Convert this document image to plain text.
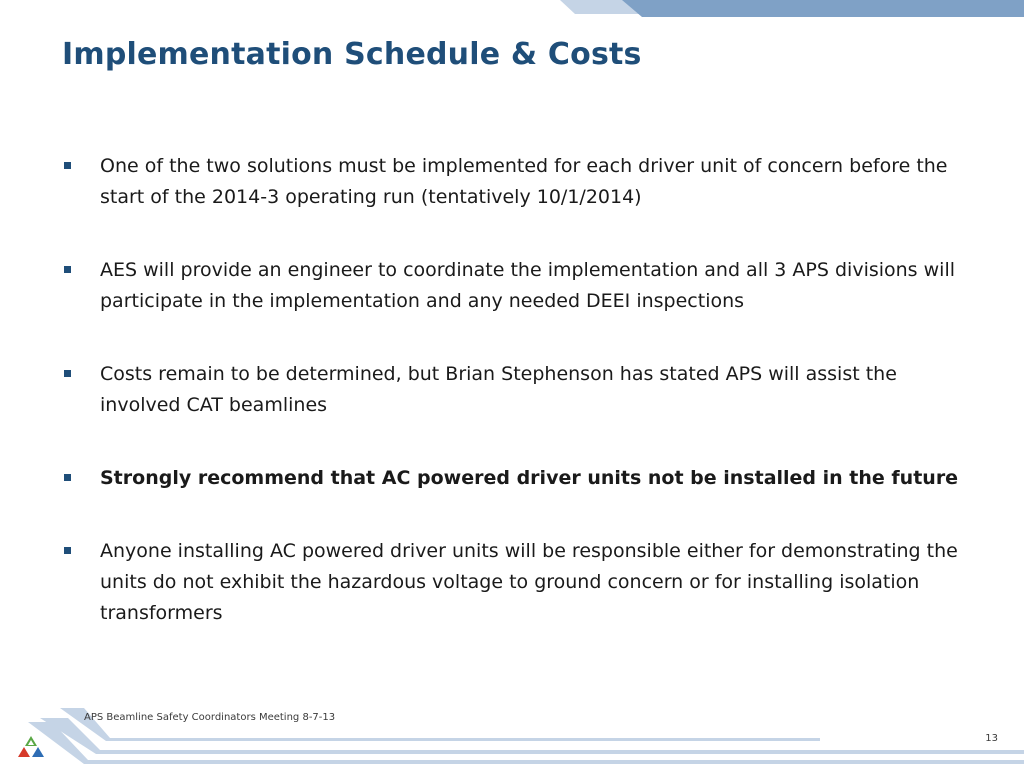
Implementation Schedule & Costs
One of the two solutions must be implemented for each driver unit of concern before the start of the 2014-3 operating run (tentatively 10/1/2014)
AES will provide an engineer to coordinate the implementation and all 3 APS divisions will participate in the implementation and any needed DEEI inspections
Costs remain to be determined, but Brian Stephenson has stated APS will assist the involved CAT beamlines
Strongly recommend that AC powered driver units not be installed in the future
Anyone installing AC powered driver units will be responsible either for demonstrating the units do not exhibit the hazardous voltage to ground concern or for installing isolation transformers
APS Beamline Safety Coordinators Meeting 8-7-13
13
